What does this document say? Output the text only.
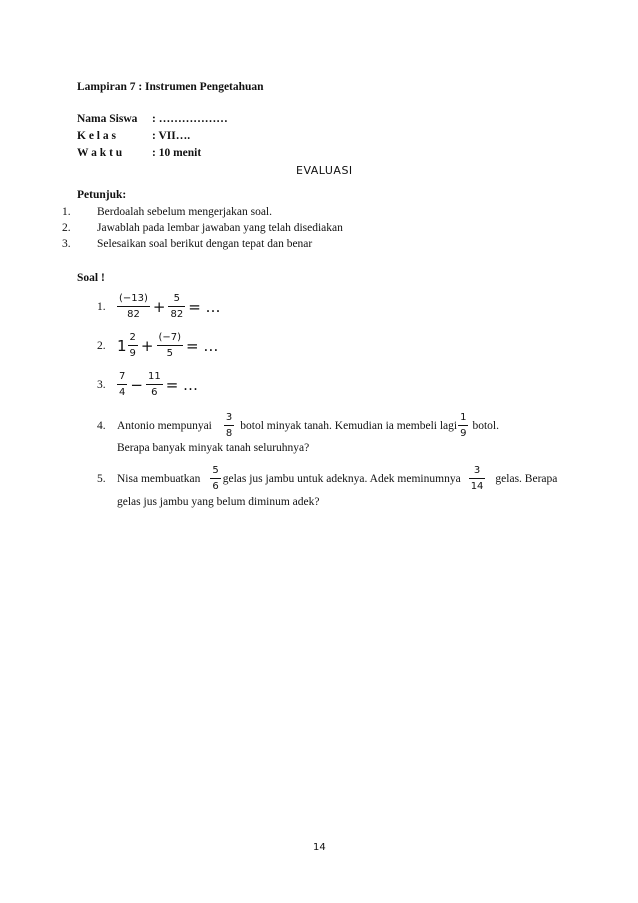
Lampiran 7 : Instrumen Pengetahuan
Nama Siswa : ………………
K e l a s	: VII….
W a k t u	: 10 menit
EVALUASI
Petunjuk:
1. Berdoalah sebelum mengerjakan soal.
2. Jawablah pada lembar jawaban yang telah disediakan
3. Selesaikan soal berikut dengan tepat dan benar
Soal !
1.	$\frac{(-13)}{82} + \frac{5}{82}$ = …
2. $1 \frac{2}{9} + \frac{(-7)}{5}$ = …
3.	$\frac{7}{4} - \frac{11}{6}$ = …
4. Antonio mempunyai $\frac{3}{8}$ botol minyak tanah. Kemudian ia membeli lagi $\frac{1}{9}$ botol.
Berapa banyak minyak tanah seluruhnya?
5. Nisa membuatkan $\frac{5}{6}$ gelas jus jambu untuk adeknya. Adek meminumnya $\frac{3}{14}$ gelas. Berapa
gelas jus jambu yang belum diminum adek?
14
